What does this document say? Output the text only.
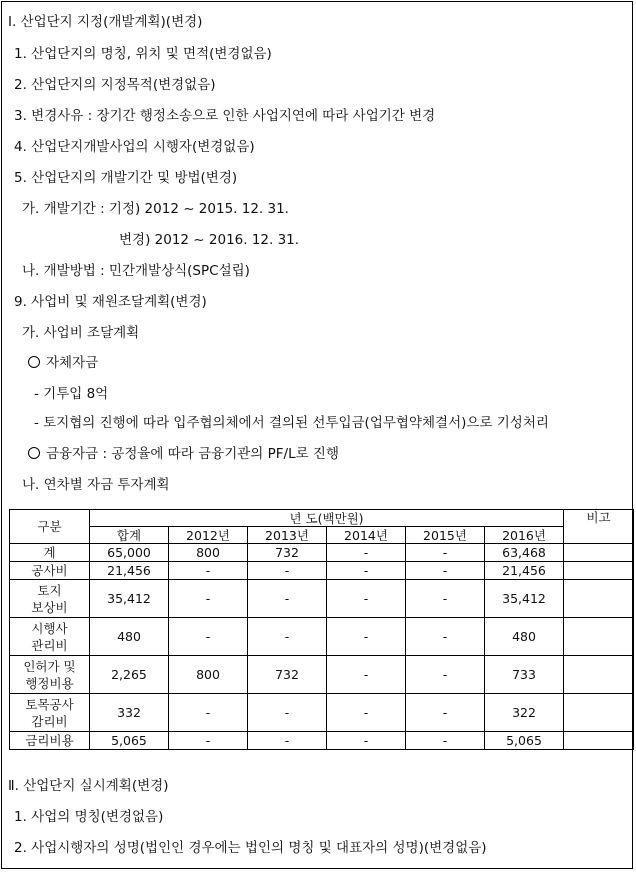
Ⅰ. 산업단지 지정(개발계획)(변경)
1. 산업단지의 명칭, 위치 및 면적(변경없음)
2. 산업단지의 지정목적(변경없음)
3. 변경사유 : 장기간 행정소송으로 인한 사업지연에 따라 사업기간 변경
4. 산업단지개발사업의 시행자(변경없음)
5. 산업단지의 개발기간 및 방법(변경)
가. 개발기간 : 기정) 2012 ~ 2015. 12. 31.
변경) 2012 ~ 2016. 12. 31.
나. 개발방법 : 민간개발상식(SPC설립)
9. 사업비 및 재원조달계획(변경)
가. 사업비 조달계획
자체자금
- 기투입 8억
- 토지협의 진행에 따라 입주협의체에서 결의된 선투입금(업무협약체결서)으로 기성처리
금융자금 : 공정율에 따라 금융기관의 PF/L로 진행
나. 연차별 자금 투자계획
구분	년 도(백만원)						비고
	합계	2012년	2013년	2014년	2015년	2016년	
계	65,000	800	732	-	-	63,468	
공사비	21,456	-	-	-	-	21,456	
토지
보상비	35,412	-	-	-	-	35,412	
시행사
관리비	480	-	-	-	-	480	
인허가 및
행정비용	2,265	800	732	-	-	733	
토목공사
감리비	332	-	-	-	-	322	
금리비용	5,065	-	-	-	-	5,065	
Ⅱ. 산업단지 실시계획(변경)
1. 사업의 명칭(변경없음)
2. 사업시행자의 성명(법인인 경우에는 법인의 명칭 및 대표자의 성명)(변경없음)
